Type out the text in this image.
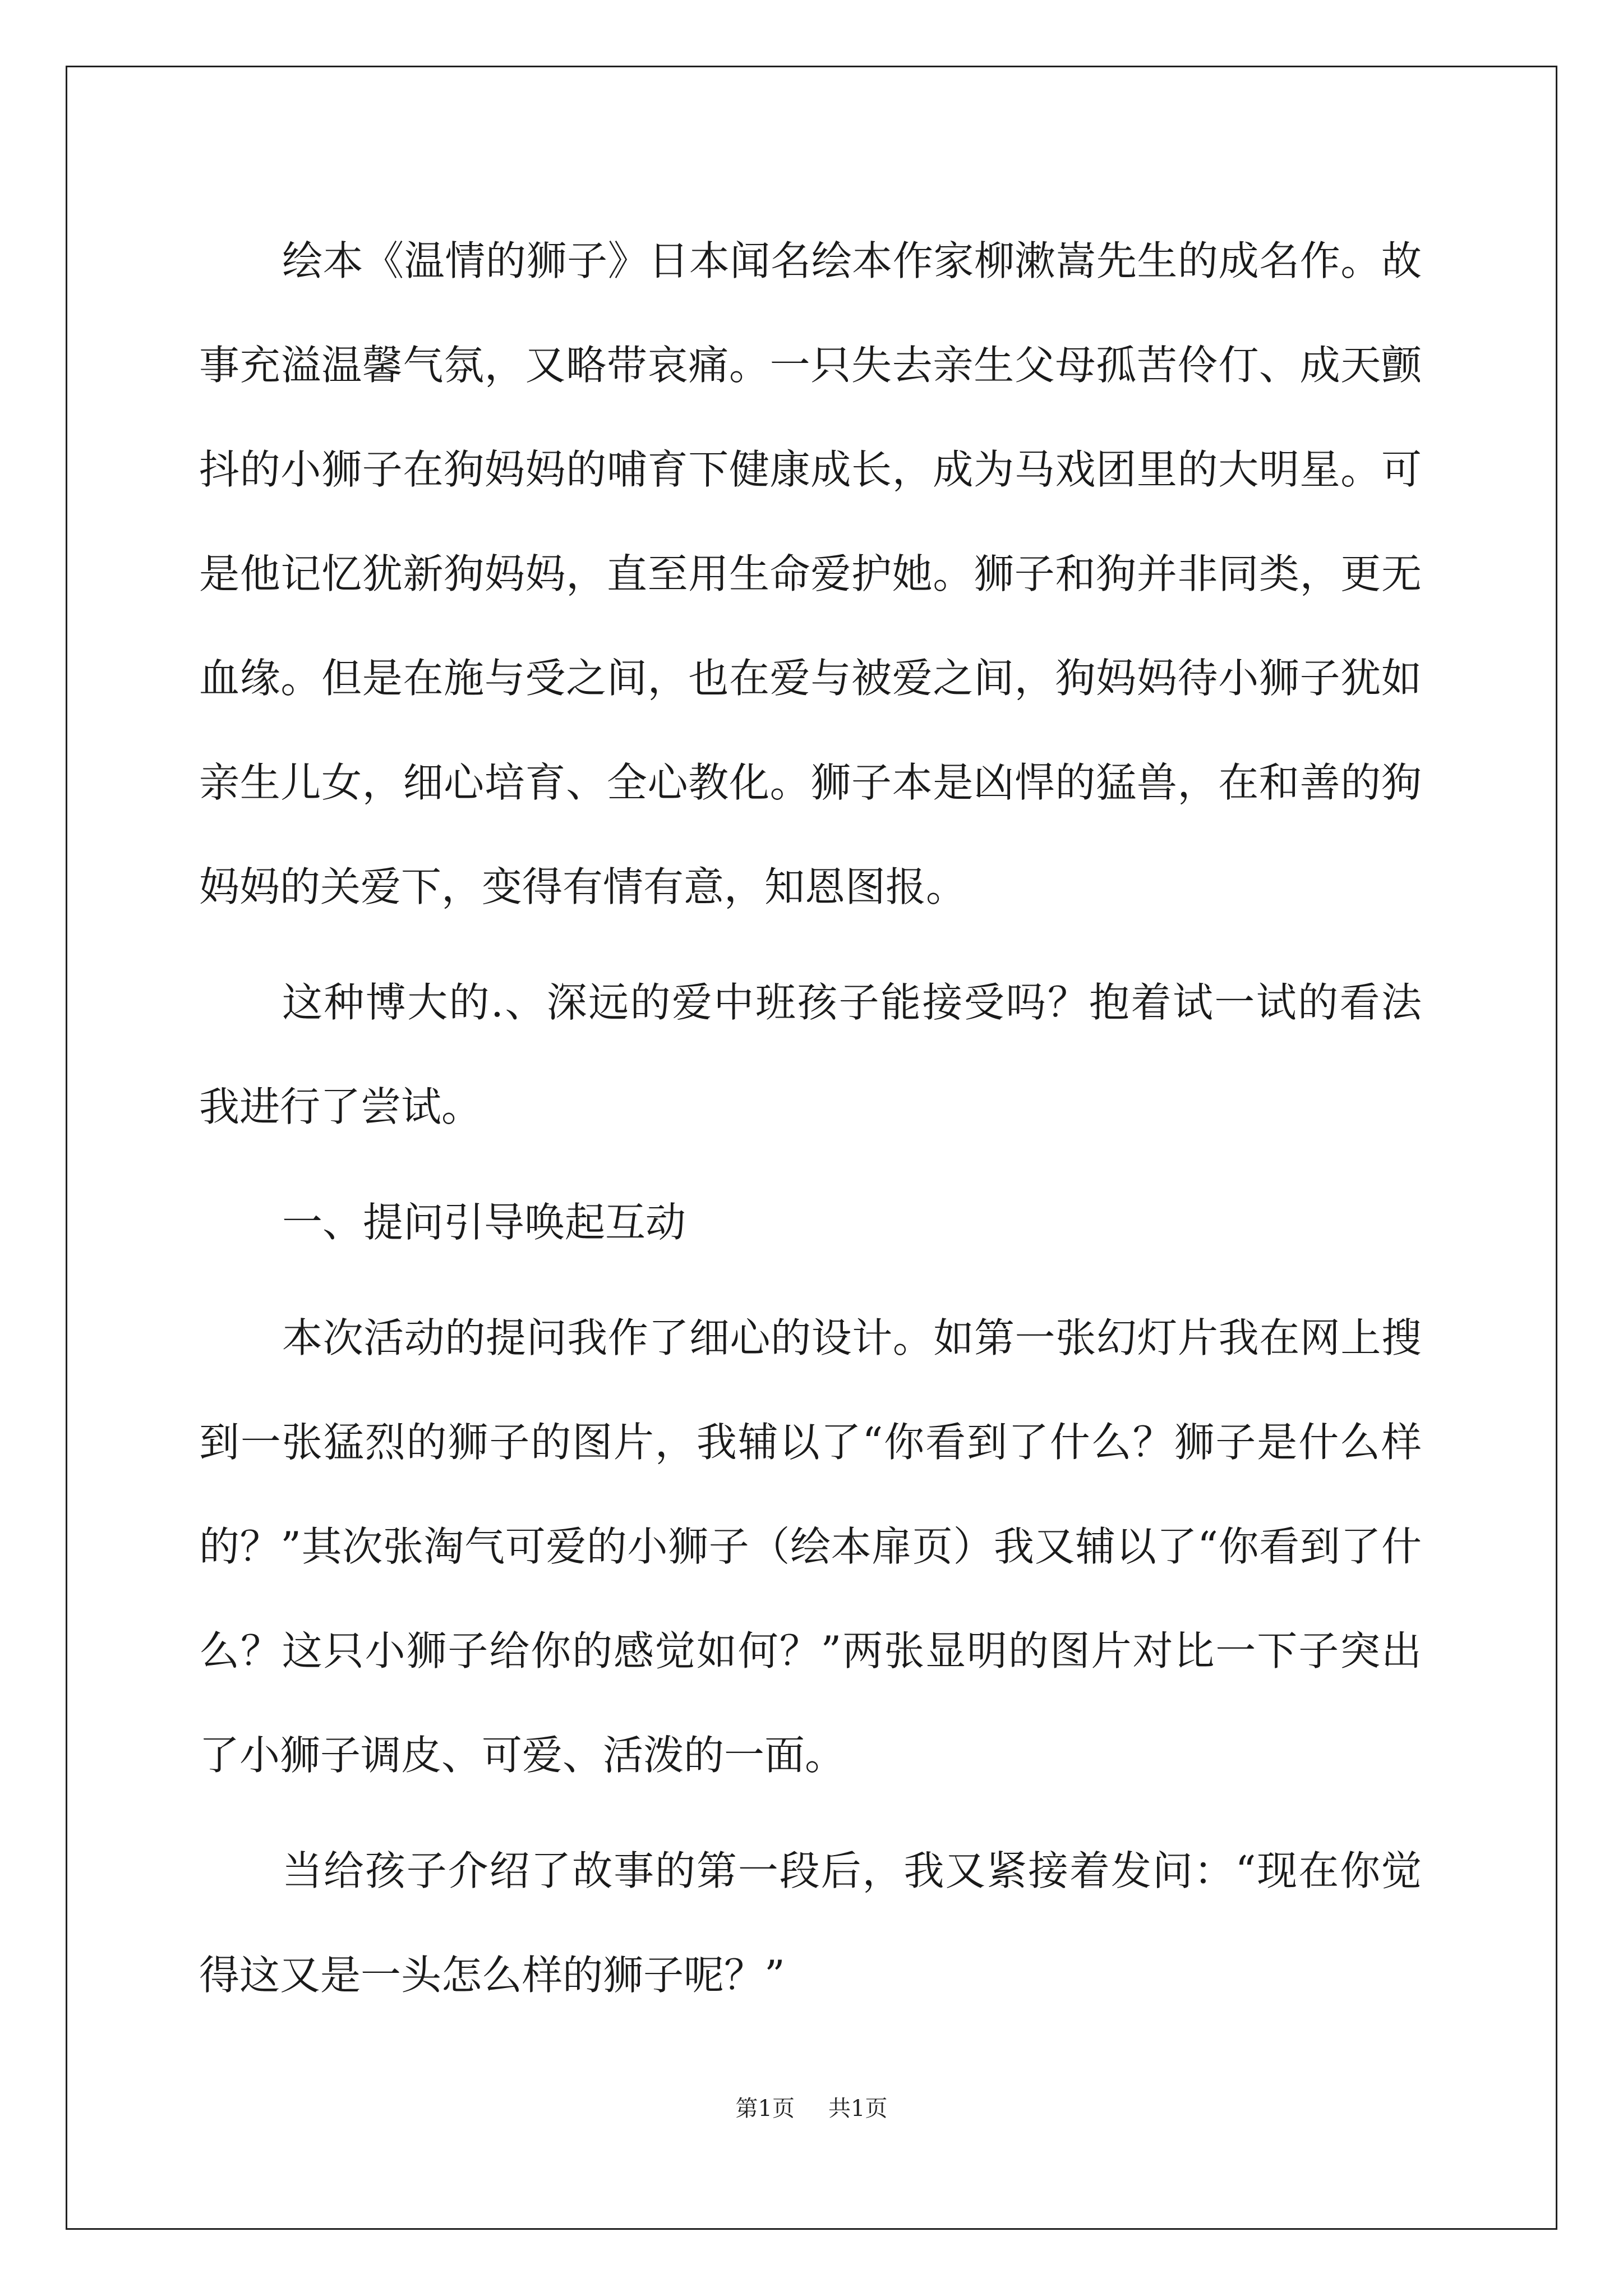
绘本《温情的狮子》日本闻名绘本作家柳漱嵩先生的成名作。故事充溢温馨气氛，又略带哀痛。一只失去亲生父母孤苦伶仃、成天颤抖的小狮子在狗妈妈的哺育下健康成长，成为马戏团里的大明星。可是他记忆犹新狗妈妈，直至用生命爱护她。狮子和狗并非同类，更无血缘。但是在施与受之间，也在爱与被爱之间，狗妈妈待小狮子犹如亲生儿女，细心培育、全心教化。狮子本是凶悍的猛兽，在和善的狗妈妈的关爱下，变得有情有意，知恩图报。

这种博大的.、深远的爱中班孩子能接受吗？抱着试一试的看法我进行了尝试。

一、提问引导唤起互动

本次活动的提问我作了细心的设计。如第一张幻灯片我在网上搜到一张猛烈的狮子的图片，我辅以了“你看到了什么？狮子是什么样的？”其次张淘气可爱的小狮子（绘本扉页）我又辅以了“你看到了什么？这只小狮子给你的感觉如何？”两张显明的图片对比一下子突出了小狮子调皮、可爱、活泼的一面。

当给孩子介绍了故事的第一段后，我又紧接着发问：“现在你觉得这又是一头怎么样的狮子呢？”

第1页 共1页
